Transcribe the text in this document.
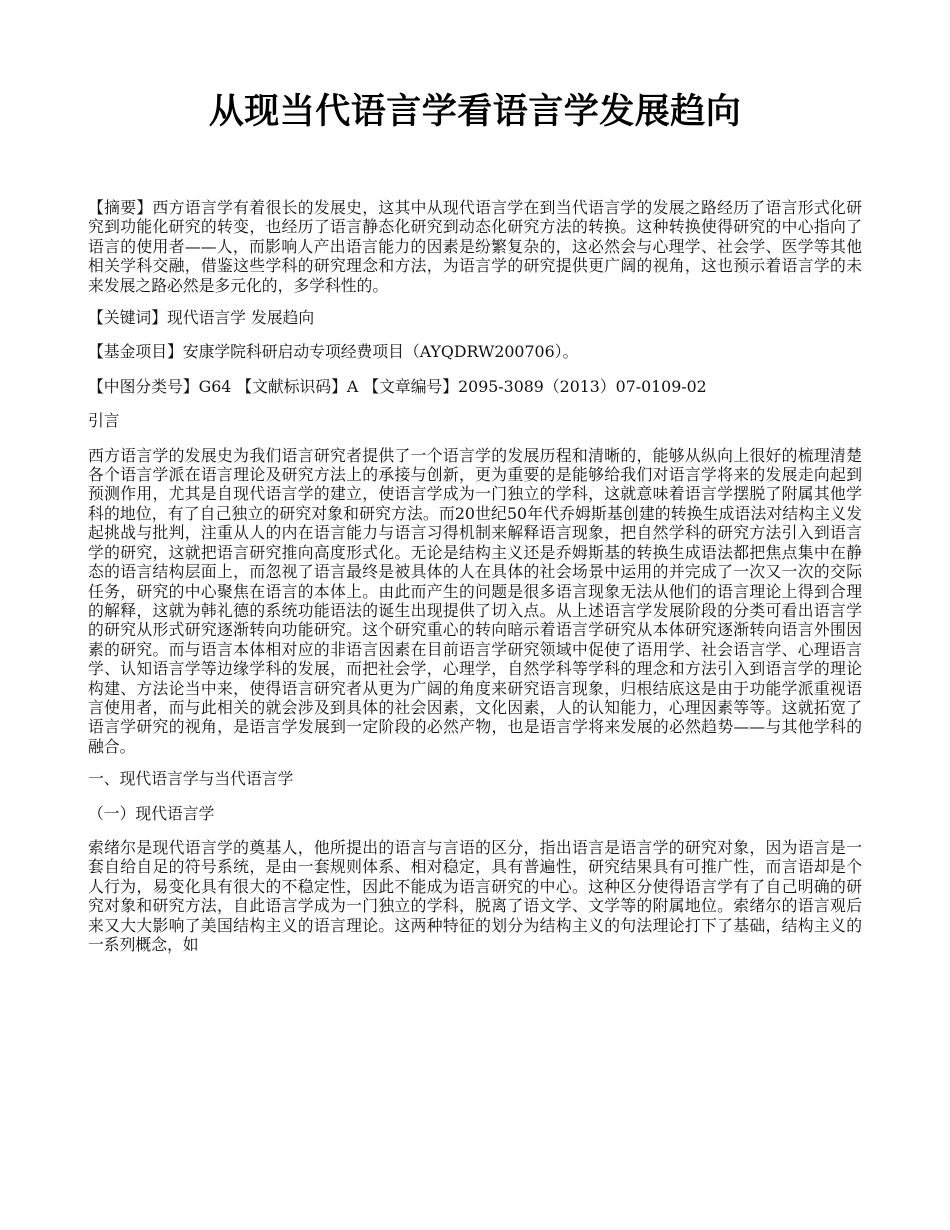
从现当代语言学看语言学发展趋向

【摘要】西方语言学有着很长的发展史，这其中从现代语言学在到当代语言学的发展之路经历了语言形式化研究到功能化研究的转变，也经历了语言静态化研究到动态化研究方法的转换。这种转换使得研究的中心指向了语言的使用者——人，而影响人产出语言能力的因素是纷繁复杂的，这必然会与心理学、社会学、医学等其他相关学科交融，借鉴这些学科的研究理念和方法，为语言学的研究提供更广阔的视角，这也预示着语言学的未来发展之路必然是多元化的，多学科性的。

【关键词】现代语言学 发展趋向

【基金项目】安康学院科研启动专项经费项目（AYQDRW200706）。

【中图分类号】G64 【文献标识码】A 【文章编号】2095-3089（2013）07-0109-02

引言

西方语言学的发展史为我们语言研究者提供了一个语言学的发展历程和清晰的，能够从纵向上很好的梳理清楚各个语言学派在语言理论及研究方法上的承接与创新，更为重要的是能够给我们对语言学将来的发展走向起到预测作用，尤其是自现代语言学的建立，使语言学成为一门独立的学科，这就意味着语言学摆脱了附属其他学科的地位，有了自己独立的研究对象和研究方法。而20世纪50年代乔姆斯基创建的转换生成语法对结构主义发起挑战与批判，注重从人的内在语言能力与语言习得机制来解释语言现象，把自然学科的研究方法引入到语言学的研究，这就把语言研究推向高度形式化。无论是结构主义还是乔姆斯基的转换生成语法都把焦点集中在静态的语言结构层面上，而忽视了语言最终是被具体的人在具体的社会场景中运用的并完成了一次又一次的交际任务，研究的中心聚焦在语言的本体上。由此而产生的问题是很多语言现象无法从他们的语言理论上得到合理的解释，这就为韩礼德的系统功能语法的诞生出现提供了切入点。从上述语言学发展阶段的分类可看出语言学的研究从形式研究逐渐转向功能研究。这个研究重心的转向暗示着语言学研究从本体研究逐渐转向语言外围因素的研究。而与语言本体相对应的非语言因素在目前语言学研究领域中促使了语用学、社会语言学、心理语言学、认知语言学等边缘学科的发展，而把社会学，心理学，自然学科等学科的理念和方法引入到语言学的理论构建、方法论当中来，使得语言研究者从更为广阔的角度来研究语言现象，归根结底这是由于功能学派重视语言使用者，而与此相关的就会涉及到具体的社会因素，文化因素，人的认知能力，心理因素等等。这就拓宽了语言学研究的视角，是语言学发展到一定阶段的必然产物，也是语言学将来发展的必然趋势——与其他学科的融合。

一、现代语言学与当代语言学

（一）现代语言学

索绪尔是现代语言学的奠基人，他所提出的语言与言语的区分，指出语言是语言学的研究对象，因为语言是一套自给自足的符号系统，是由一套规则体系、相对稳定，具有普遍性，研究结果具有可推广性，而言语却是个人行为，易变化具有很大的不稳定性，因此不能成为语言研究的中心。这种区分使得语言学有了自己明确的研究对象和研究方法，自此语言学成为一门独立的学科，脱离了语文学、文学等的附属地位。索绪尔的语言观后来又大大影响了美国结构主义的语言理论。这两种特征的划分为结构主义的句法理论打下了基础，结构主义的一系列概念，如
